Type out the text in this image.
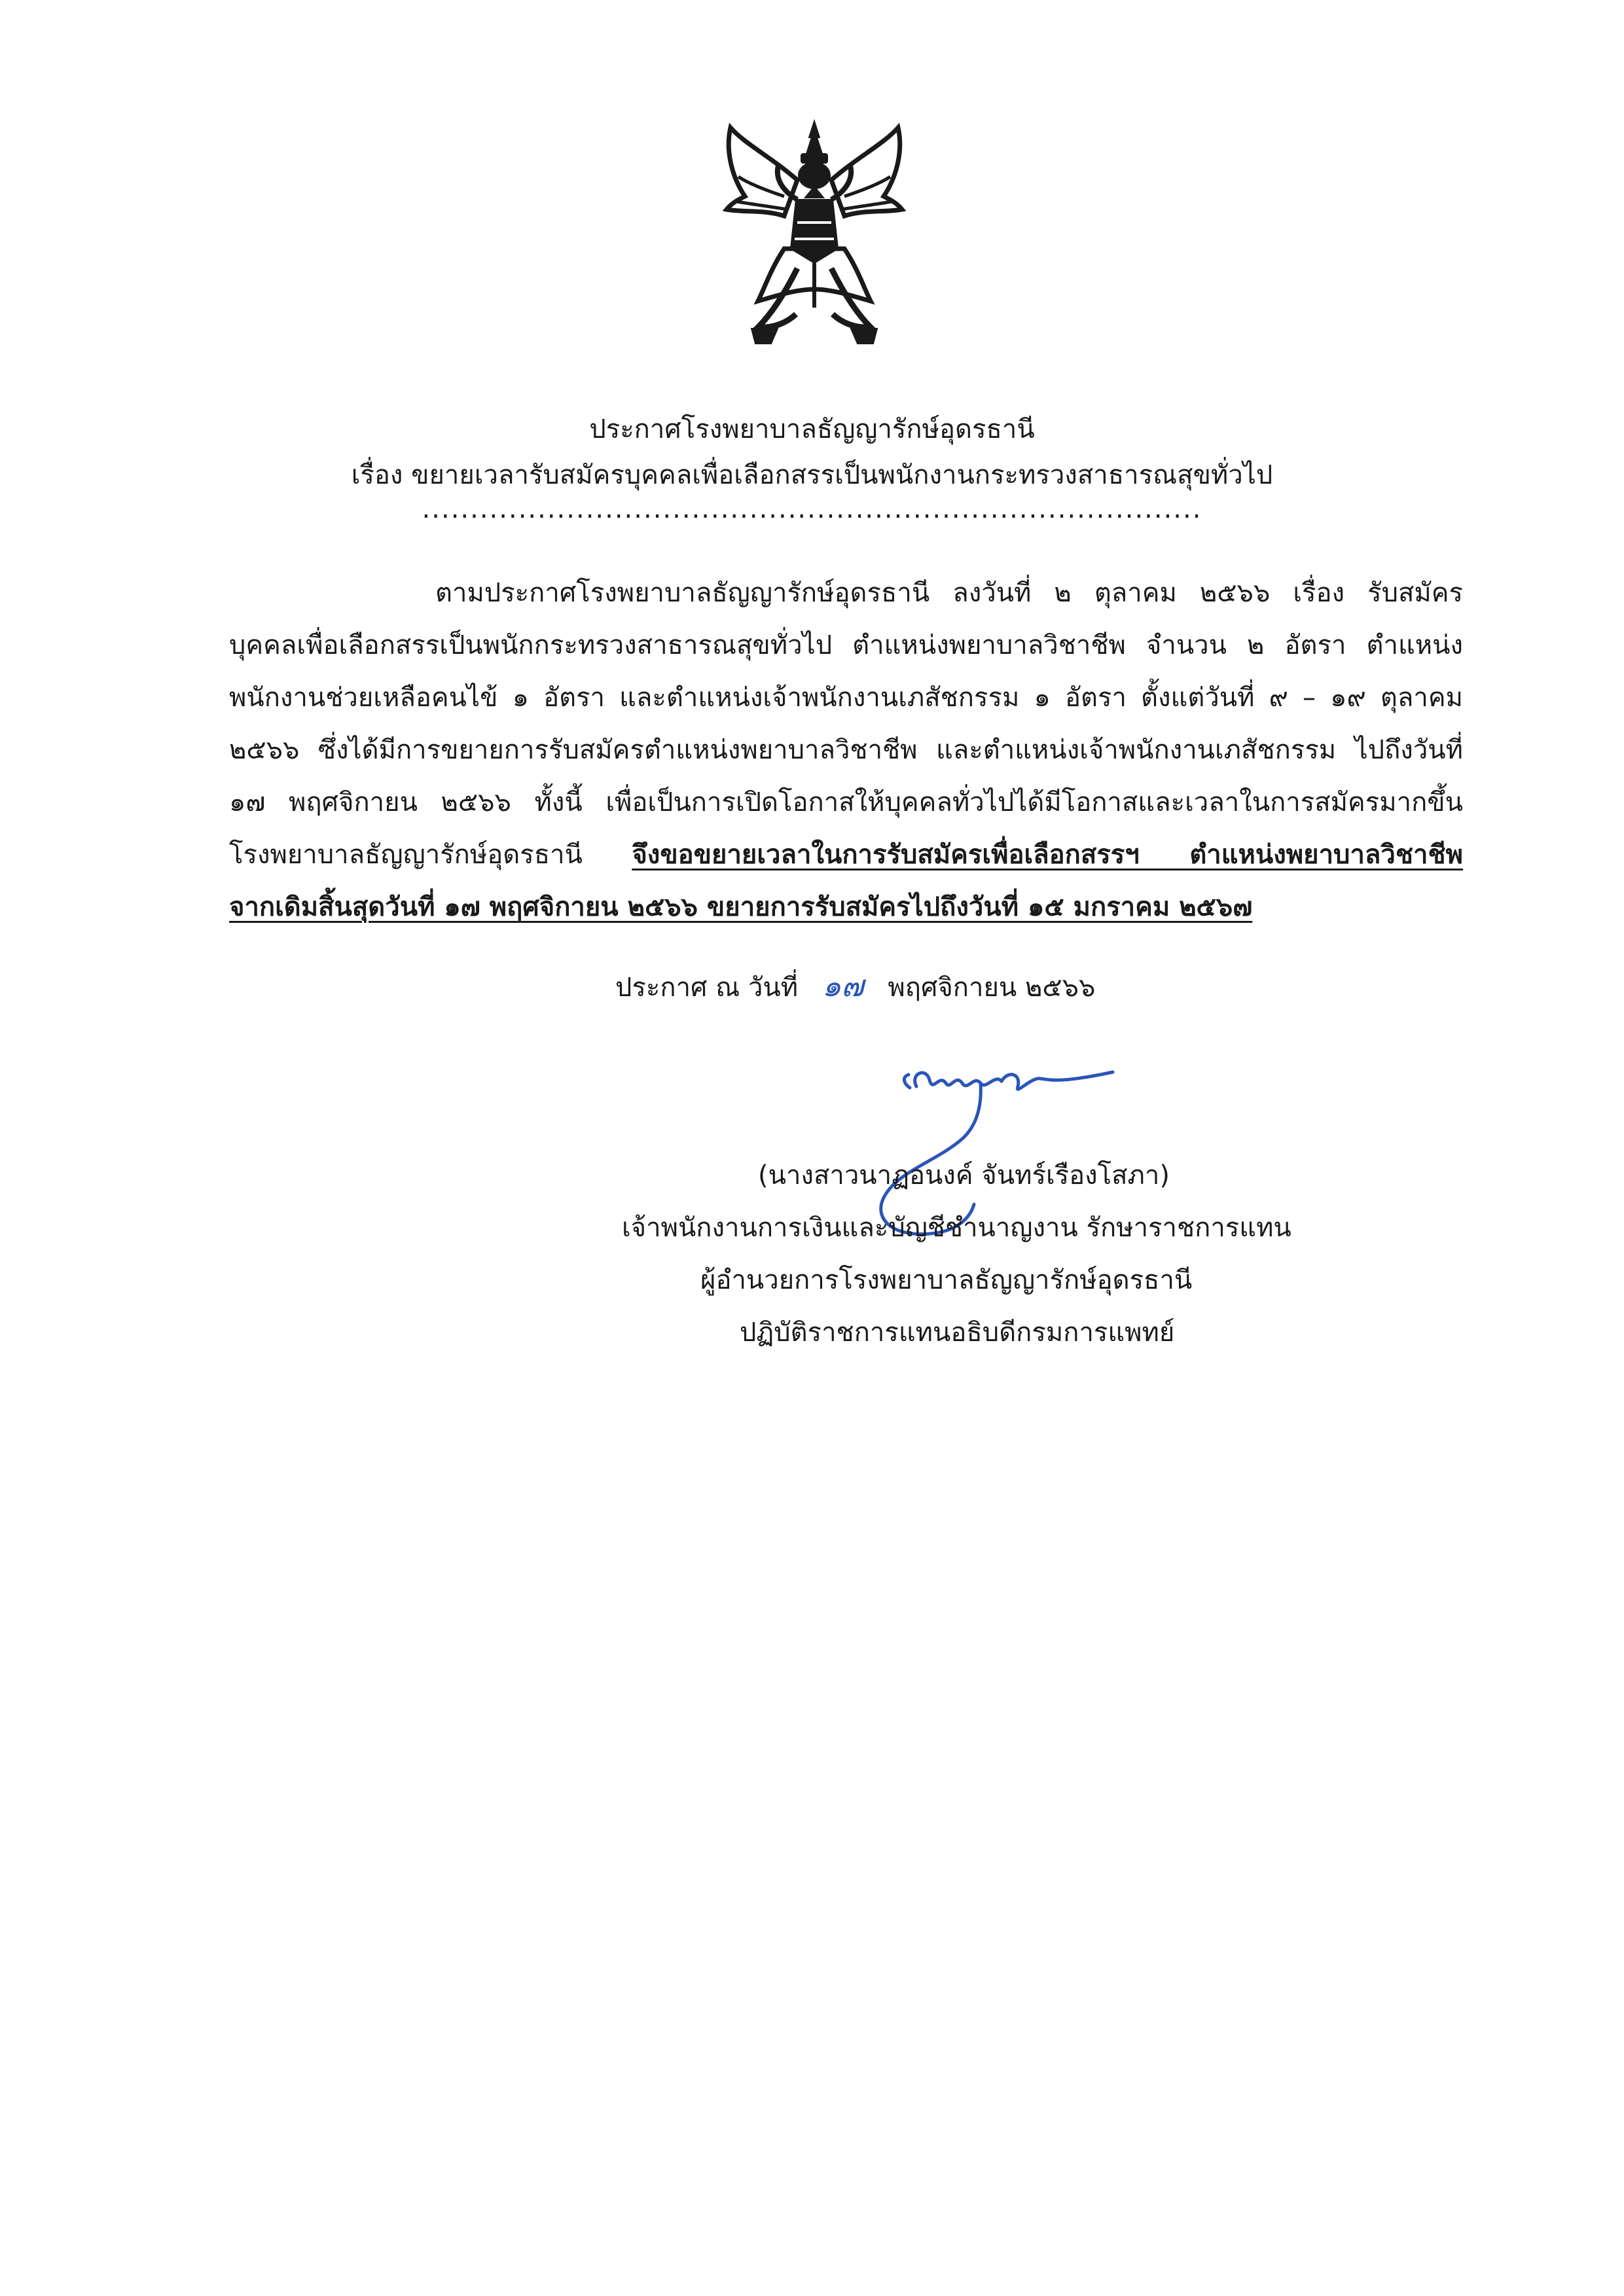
ประกาศโรงพยาบาลธัญญารักษ์อุดรธานี
เรื่อง ขยายเวลารับสมัครบุคคลเพื่อเลือกสรรเป็นพนักงานกระทรวงสาธารณสุขทั่วไป
.................................................................................
ตามประกาศโรงพยาบาลธัญญารักษ์อุดรธานี ลงวันที่ ๒ ตุลาคม ๒๕๖๖ เรื่อง รับสมัคร
บุคคลเพื่อเลือกสรรเป็นพนักกระทรวงสาธารณสุขทั่วไป ตำแหน่งพยาบาลวิชาชีพ จำนวน ๒ อัตรา ตำแหน่ง
พนักงานช่วยเหลือคนไข้ ๑ อัตรา และตำแหน่งเจ้าพนักงานเภสัชกรรม ๑ อัตรา ตั้งแต่วันที่ ๙ – ๑๙ ตุลาคม
๒๕๖๖ ซึ่งได้มีการขยายการรับสมัครตำแหน่งพยาบาลวิชาชีพ และตำแหน่งเจ้าพนักงานเภสัชกรรม ไปถึงวันที่
๑๗ พฤศจิกายน ๒๕๖๖ ทั้งนี้ เพื่อเป็นการเปิดโอกาสให้บุคคลทั่วไปได้มีโอกาสและเวลาในการสมัครมากขึ้น
โรงพยาบาลธัญญารักษ์อุดรธานี จึงขอขยายเวลาในการรับสมัครเพื่อเลือกสรรฯ ตำแหน่งพยาบาลวิชาชีพ
จากเดิมสิ้นสุดวันที่ ๑๗ พฤศจิกายน ๒๕๖๖ ขยายการรับสมัครไปถึงวันที่ ๑๕ มกราคม ๒๕๖๗
ประกาศ ณ วันที่ ๑๗ พฤศจิกายน ๒๕๖๖
(นางสาวนาฏอนงค์ จันทร์เรืองโสภา)
เจ้าพนักงานการเงินและบัญชีชำนาญงาน รักษาราชการแทน
ผู้อำนวยการโรงพยาบาลธัญญารักษ์อุดรธานี
ปฏิบัติราชการแทนอธิบดีกรมการแพทย์
